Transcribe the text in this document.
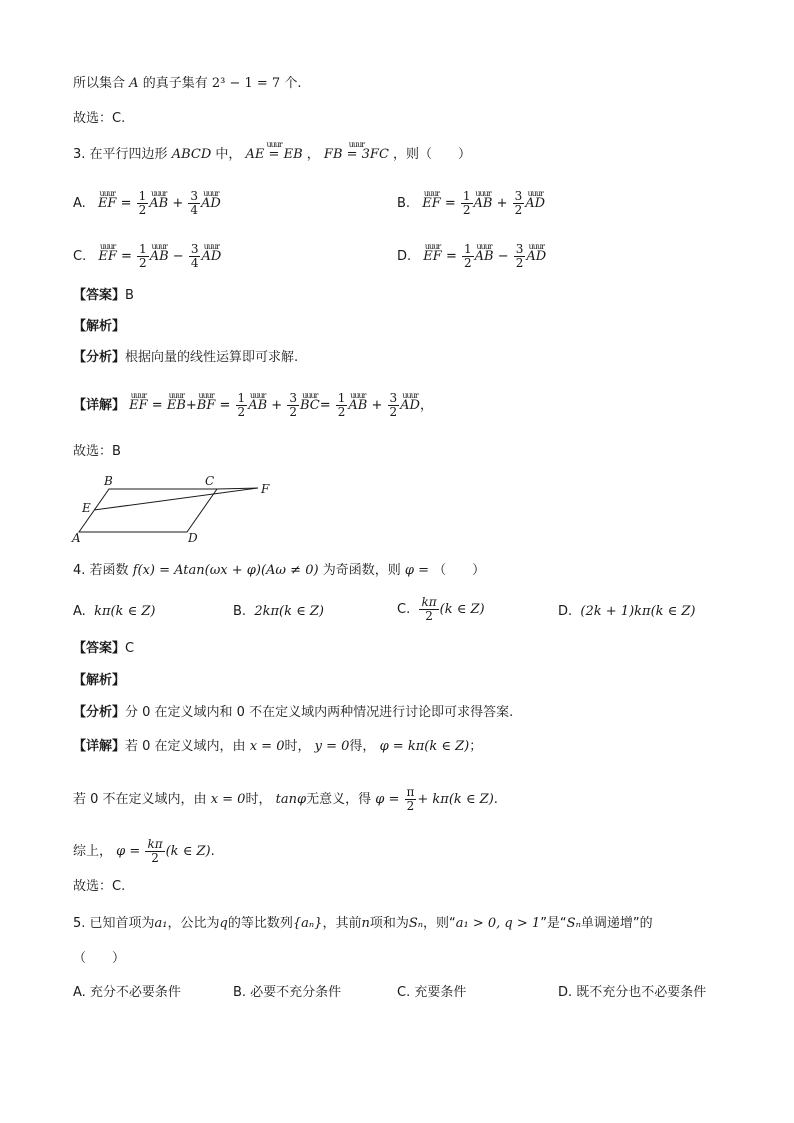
所以集合 A 的真子集有 2³ − 1 = 7 个.
故选：C.
3. 在平行四边形 ABCD 中，
uuur
AE = EB ，
uuur
FB = 3FC ，则（　　）
A.
uuur
EF = $\frac{1}{2}$ uuur
AB + $\frac{3}{4}$ uuur
AD	B.
uuur
EF = $\frac{1}{2}$ uuur
AB + $\frac{3}{2}$ uuur
AD
C.
uuur
EF = $\frac{1}{2}$ uuur
AB − $\frac{3}{4}$ uuur
AD	D.
uuur
EF = $\frac{1}{2}$ uuur
AB − $\frac{3}{2}$ uuur
AD
【答案】B
【解析】
【分析】根据向量的线性运算即可求解.
【详解】
uuur
EF =
uuur
EB+
uuur
BF = $\frac{1}{2}$ uuur
AB + $\frac{3}{2}$ uuur
$BC= \frac{1}{2}$ uuur
AB + $\frac{3}{2}$ uuur
AD，
故选：B
B	C
F
E
A	D
4. 若函数 f(x) = Atan(ωx + φ)(Aω ≠ 0) 为奇函数，则 φ = （　　）
A. kπ(k ∈ Z)	B. 2kπ(k ∈ Z)	C. $\frac{k\pi}{2} (k$ ∈ Z)	D. (2k + 1)kπ(k ∈ Z)
【答案】C
【解析】
【分析】分 0 在定义域内和 0 不在定义域内两种情况进行讨论即可求得答案.
【详解】若 0 在定义域内，由 x = 0时， y = 0得， φ = kπ(k ∈ Z)；
若 0 不在定义域内，由 x = 0时， tanφ无意义，得 $\varphi = \frac{\pi}{2} + k\pi(k$ ∈ Z).
综上， $\varphi = \frac{k\pi}{2} (k$ ∈ Z).
故选：C.
5. 已知首项为a₁，公比为q的等比数列{aₙ}，其前n项和为Sₙ，则“a₁ > 0, q > 1”是“Sₙ单调递增”的
（　　）
A. 充分不必要条件	B. 必要不充分条件	C. 充要条件	D. 既不充分也不必要条件
